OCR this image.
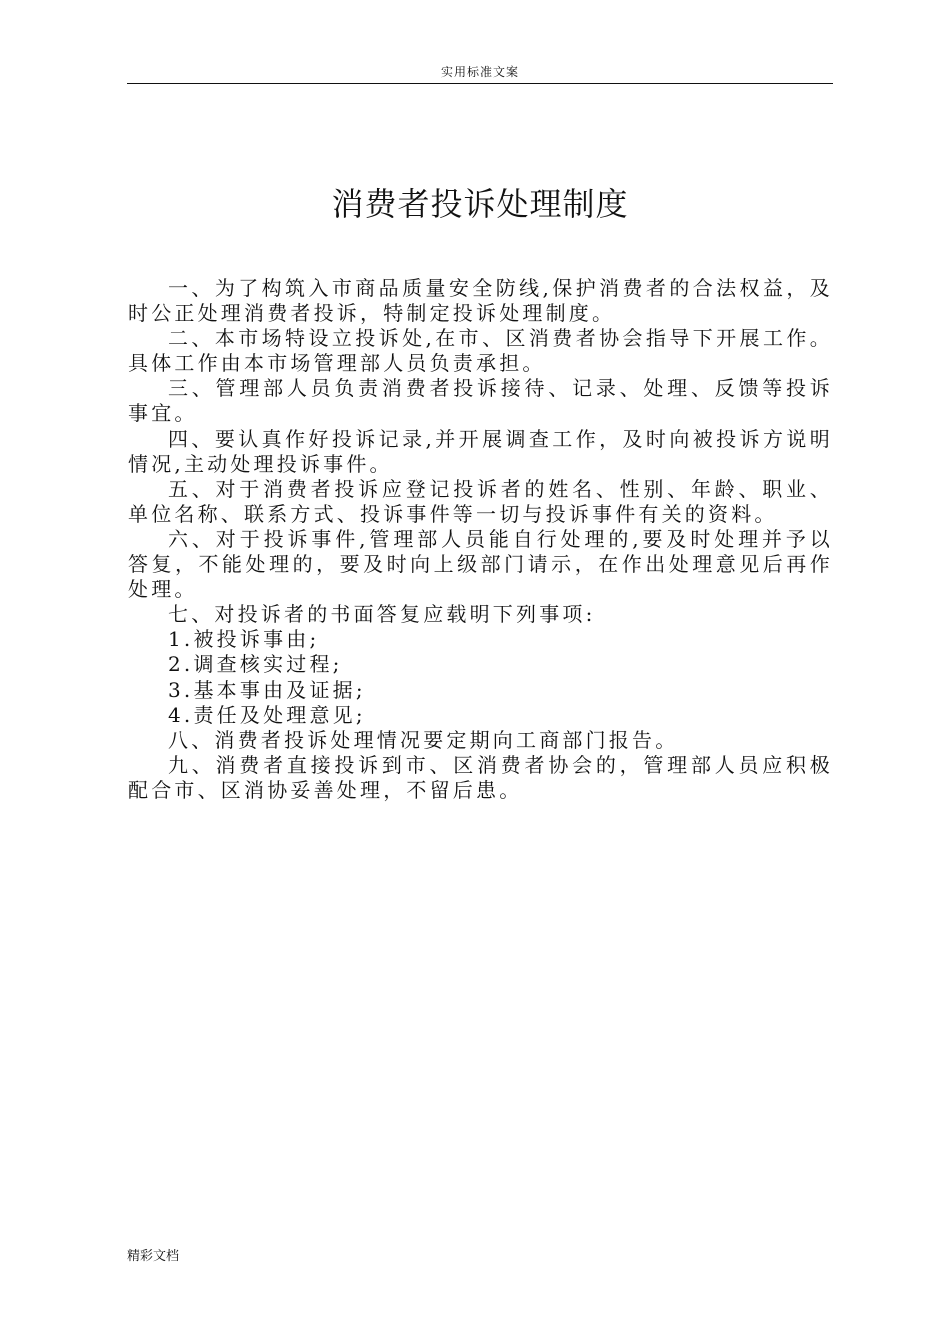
实用标准文案
消费者投诉处理制度

一、为了构筑入市商品质量安全防线,保护消费者的合法权益，及时公正处理消费者投诉，特制定投诉处理制度。

二、本市场特设立投诉处,在市、区消费者协会指导下开展工作。具体工作由本市场管理部人员负责承担。

三、管理部人员负责消费者投诉接待、记录、处理、反馈等投诉事宜。

四、要认真作好投诉记录,并开展调查工作，及时向被投诉方说明情况,主动处理投诉事件。

五、对于消费者投诉应登记投诉者的姓名、性别、年龄、职业、单位名称、联系方式、投诉事件等一切与投诉事件有关的资料。

六、对于投诉事件,管理部人员能自行处理的,要及时处理并予以答复，不能处理的，要及时向上级部门请示，在作出处理意见后再作处理。

七、对投诉者的书面答复应载明下列事项:

1.被投诉事由;

2.调查核实过程;

3.基本事由及证据;

4.责任及处理意见;

八、消费者投诉处理情况要定期向工商部门报告。

九、消费者直接投诉到市、区消费者协会的，管理部人员应积极配合市、区消协妥善处理，不留后患。

精彩文档
